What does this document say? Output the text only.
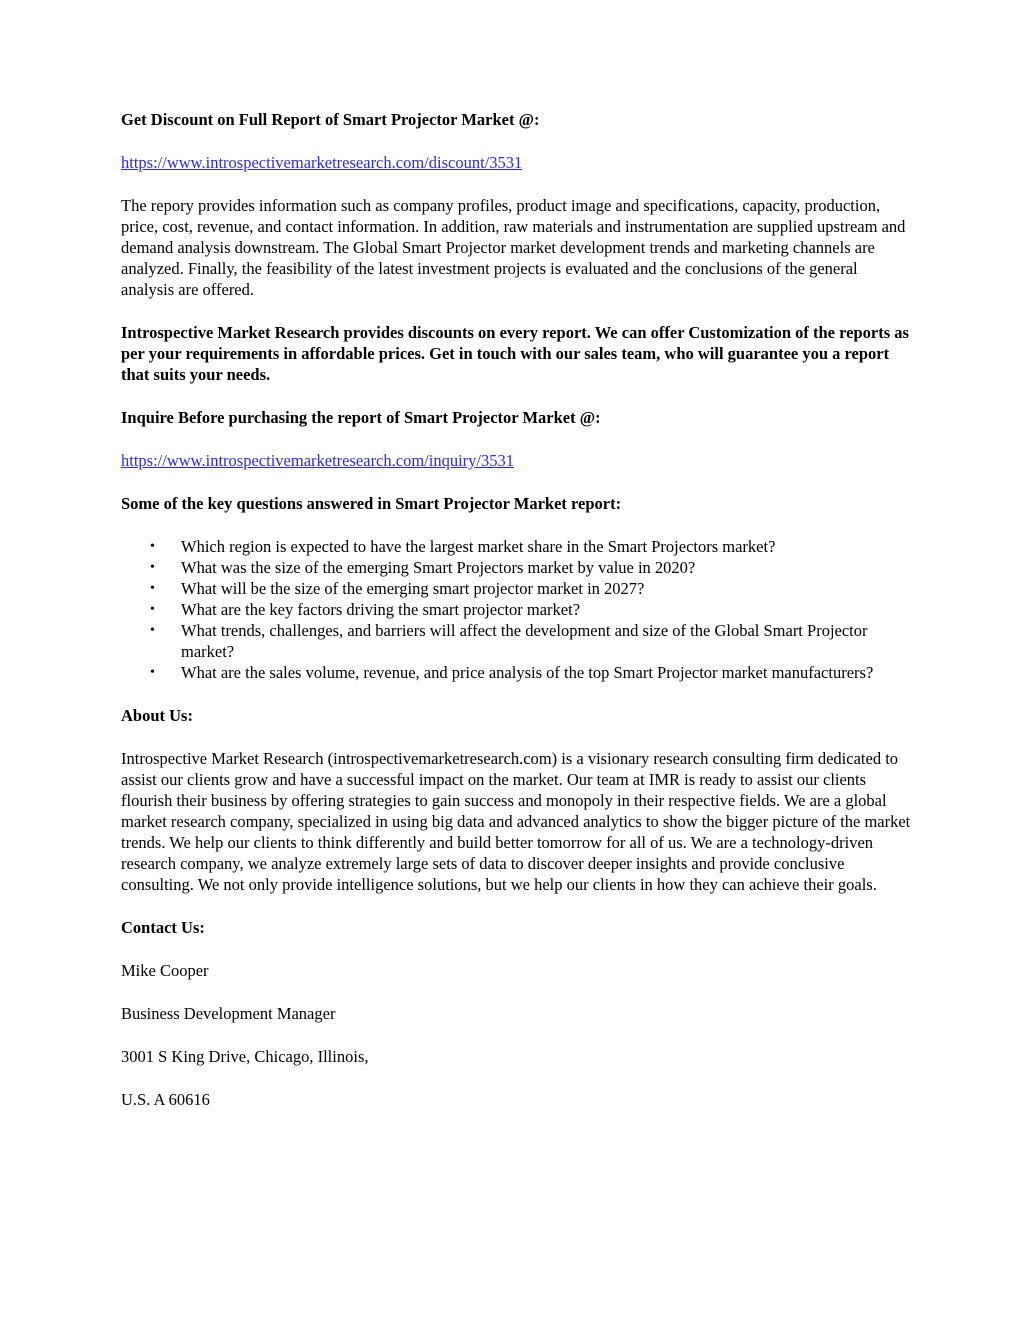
Get Discount on Full Report of Smart Projector Market @:

https://www.introspectivemarketresearch.com/discount/3531

The repory provides information such as company profiles, product image and specifications, capacity, production, price, cost, revenue, and contact information. In addition, raw materials and instrumentation are supplied upstream and demand analysis downstream. The Global Smart Projector market development trends and marketing channels are analyzed. Finally, the feasibility of the latest investment projects is evaluated and the conclusions of the general analysis are offered.

Introspective Market Research provides discounts on every report. We can offer Customization of the reports as per your requirements in affordable prices. Get in touch with our sales team, who will guarantee you a report that suits your needs.

Inquire Before purchasing the report of Smart Projector Market @:

https://www.introspectivemarketresearch.com/inquiry/3531

Some of the key questions answered in Smart Projector Market report:

• Which region is expected to have the largest market share in the Smart Projectors market?
• What was the size of the emerging Smart Projectors market by value in 2020?
• What will be the size of the emerging smart projector market in 2027?
• What are the key factors driving the smart projector market?
• What trends, challenges, and barriers will affect the development and size of the Global Smart Projector market?
• What are the sales volume, revenue, and price analysis of the top Smart Projector market manufacturers?

About Us:

Introspective Market Research (introspectivemarketresearch.com) is a visionary research consulting firm dedicated to assist our clients grow and have a successful impact on the market. Our team at IMR is ready to assist our clients flourish their business by offering strategies to gain success and monopoly in their respective fields. We are a global market research company, specialized in using big data and advanced analytics to show the bigger picture of the market trends. We help our clients to think differently and build better tomorrow for all of us. We are a technology-driven research company, we analyze extremely large sets of data to discover deeper insights and provide conclusive consulting. We not only provide intelligence solutions, but we help our clients in how they can achieve their goals.

Contact Us:

Mike Cooper

Business Development Manager

3001 S King Drive, Chicago, Illinois,

U.S. A 60616
